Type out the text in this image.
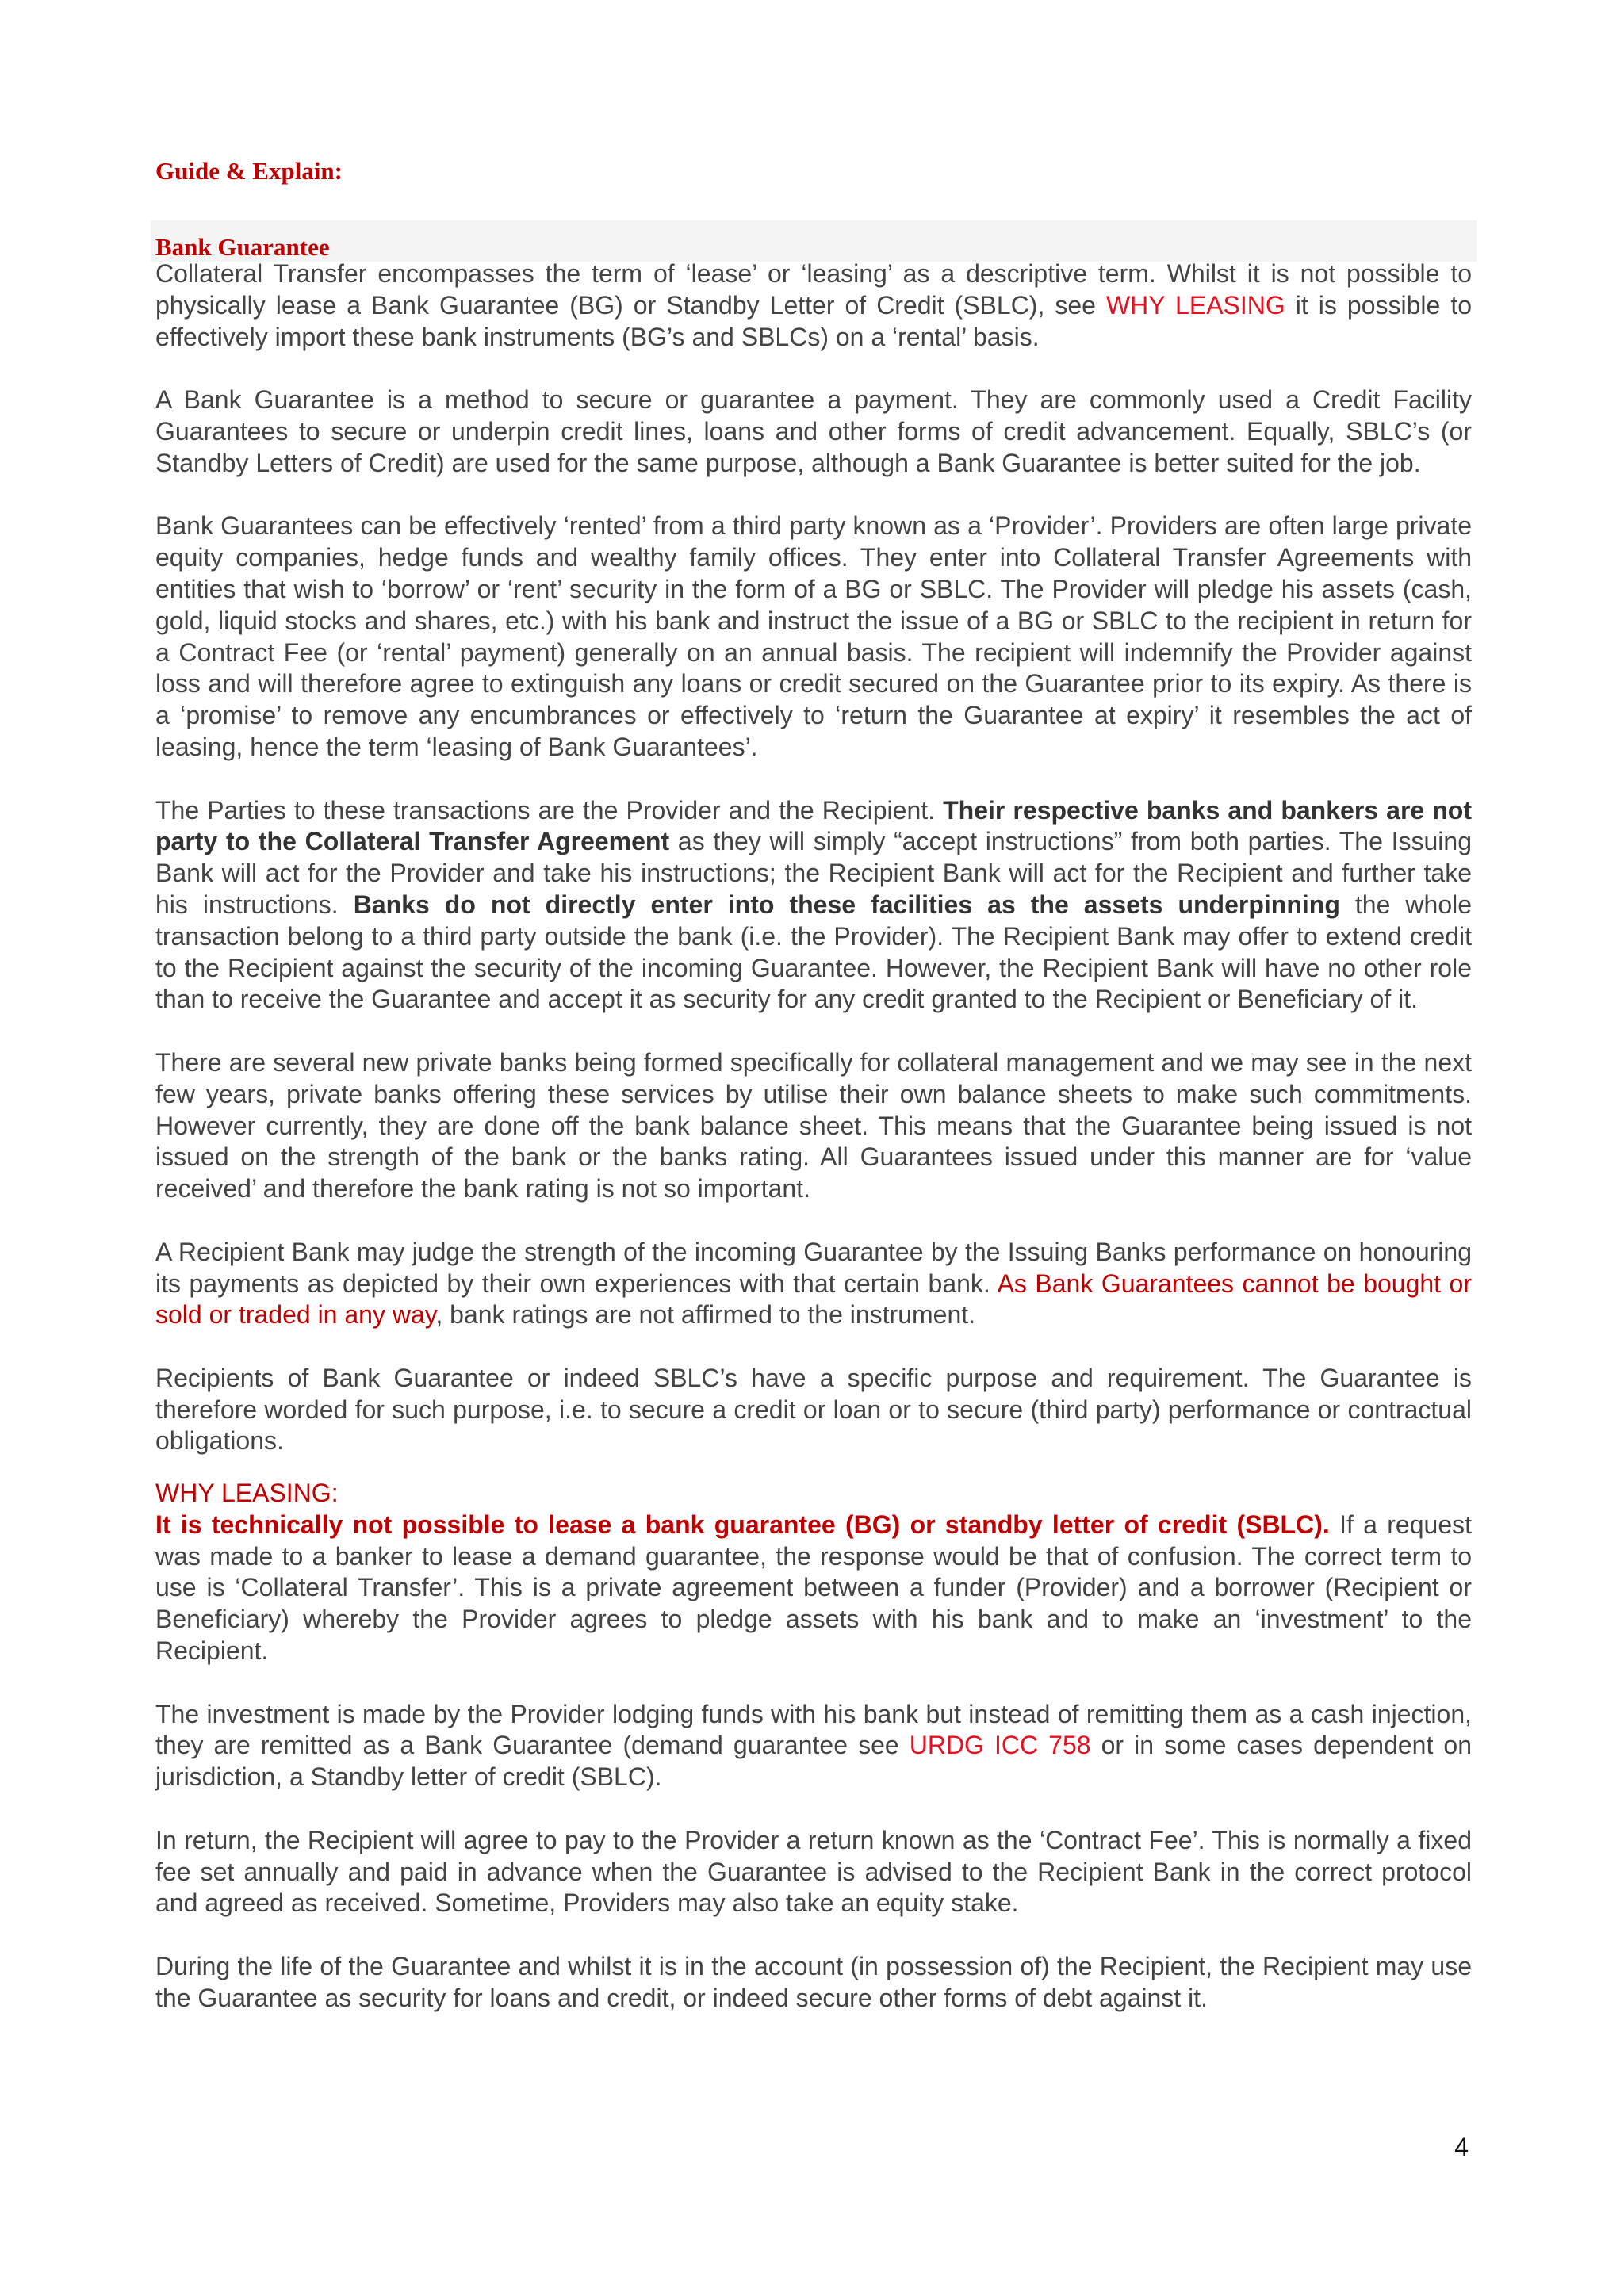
Guide & Explain:
Bank Guarantee

Collateral Transfer encompasses the term of ‘lease’ or ‘leasing’ as a descriptive term. Whilst it is not possible to physically lease a Bank Guarantee (BG) or Standby Letter of Credit (SBLC), see WHY LEASING it is possible to effectively import these bank instruments (BG’s and SBLCs) on a ‘rental’ basis.

A Bank Guarantee is a method to secure or guarantee a payment. They are commonly used a Credit Facility Guarantees to secure or underpin credit lines, loans and other forms of credit advancement. Equally, SBLC’s (or Standby Letters of Credit) are used for the same purpose, although a Bank Guarantee is better suited for the job.

Bank Guarantees can be effectively ‘rented’ from a third party known as a ‘Provider’. Providers are often large private equity companies, hedge funds and wealthy family offices. They enter into Collateral Transfer Agreements with entities that wish to ‘borrow’ or ‘rent’ security in the form of a BG or SBLC. The Provider will pledge his assets (cash, gold, liquid stocks and shares, etc.) with his bank and instruct the issue of a BG or SBLC to the recipient in return for a Contract Fee (or ‘rental’ payment) generally on an annual basis. The recipient will indemnify the Provider against loss and will therefore agree to extinguish any loans or credit secured on the Guarantee prior to its expiry. As there is a ‘promise’ to remove any encumbrances or effectively to ‘return the Guarantee at expiry’ it resembles the act of leasing, hence the term ‘leasing of Bank Guarantees’.

The Parties to these transactions are the Provider and the Recipient. Their respective banks and bankers are not party to the Collateral Transfer Agreement as they will simply “accept instructions” from both parties. The Issuing Bank will act for the Provider and take his instructions; the Recipient Bank will act for the Recipient and further take his instructions. Banks do not directly enter into these facilities as the assets underpinning the whole transaction belong to a third party outside the bank (i.e. the Provider). The Recipient Bank may offer to extend credit to the Recipient against the security of the incoming Guarantee. However, the Recipient Bank will have no other role than to receive the Guarantee and accept it as security for any credit granted to the Recipient or Beneficiary of it.

There are several new private banks being formed specifically for collateral management and we may see in the next few years, private banks offering these services by utilise their own balance sheets to make such commitments. However currently, they are done off the bank balance sheet. This means that the Guarantee being issued is not issued on the strength of the bank or the banks rating. All Guarantees issued under this manner are for ‘value received’ and therefore the bank rating is not so important.

A Recipient Bank may judge the strength of the incoming Guarantee by the Issuing Banks performance on honouring its payments as depicted by their own experiences with that certain bank. As Bank Guarantees cannot be bought or sold or traded in any way, bank ratings are not affirmed to the instrument.

Recipients of Bank Guarantee or indeed SBLC’s have a specific purpose and requirement. The Guarantee is therefore worded for such purpose, i.e. to secure a credit or loan or to secure (third party) performance or contractual obligations.

WHY LEASING:

It is technically not possible to lease a bank guarantee (BG) or standby letter of credit (SBLC). If a request was made to a banker to lease a demand guarantee, the response would be that of confusion. The correct term to use is ‘Collateral Transfer’. This is a private agreement between a funder (Provider) and a borrower (Recipient or Beneficiary) whereby the Provider agrees to pledge assets with his bank and to make an ‘investment’ to the Recipient.

The investment is made by the Provider lodging funds with his bank but instead of remitting them as a cash injection, they are remitted as a Bank Guarantee (demand guarantee see URDG ICC 758 or in some cases dependent on jurisdiction, a Standby letter of credit (SBLC).

In return, the Recipient will agree to pay to the Provider a return known as the ‘Contract Fee’. This is normally a fixed fee set annually and paid in advance when the Guarantee is advised to the Recipient Bank in the correct protocol and agreed as received. Sometime, Providers may also take an equity stake.

During the life of the Guarantee and whilst it is in the account (in possession of) the Recipient, the Recipient may use the Guarantee as security for loans and credit, or indeed secure other forms of debt against it.

4
